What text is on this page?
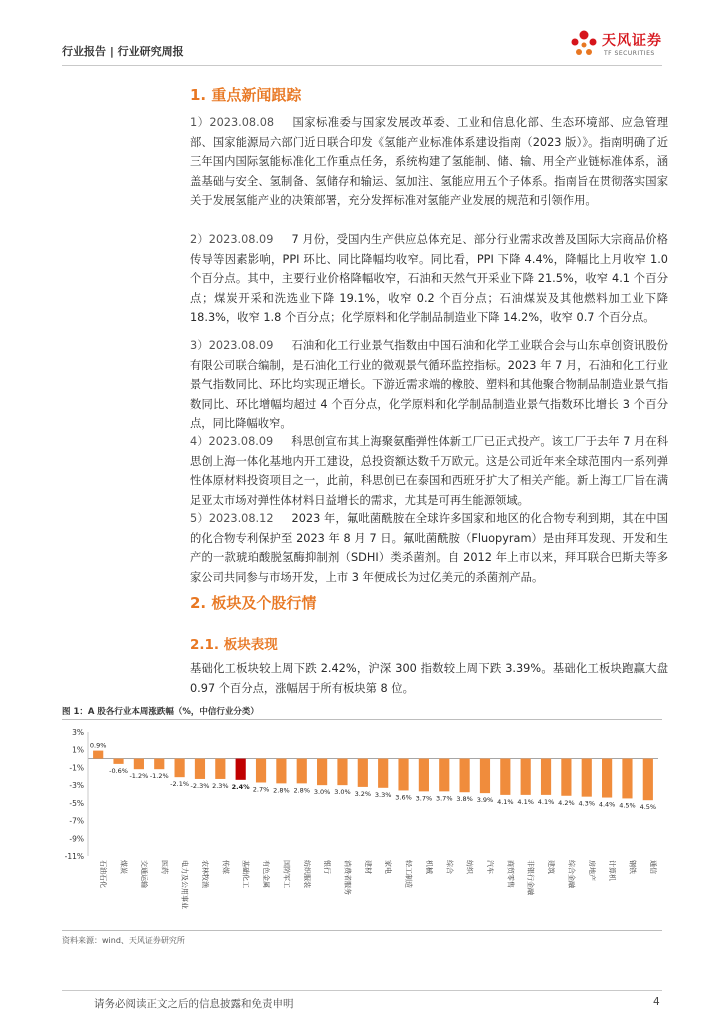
行业报告 | 行业研究周报
天风证券
TF SECURITIES
1. 重点新闻跟踪
1）2023.08.08 国家标准委与国家发展改革委、工业和信息化部、生态环境部、应急管理部、国家能源局六部门近日联合印发《氢能产业标准体系建设指南（2023 版）》。指南明确了近三年国内国际氢能标准化工作重点任务，系统构建了氢能制、储、输、用全产业链标准体系，涵盖基础与安全、氢制备、氢储存和输运、氢加注、氢能应用五个子体系。指南旨在贯彻落实国家关于发展氢能产业的决策部署，充分发挥标准对氢能产业发展的规范和引领作用。
2）2023.08.09 7 月份，受国内生产供应总体充足、部分行业需求改善及国际大宗商品价格传导等因素影响，PPI 环比、同比降幅均收窄。同比看，PPI 下降 4.4%，降幅比上月收窄 1.0 个百分点。其中，主要行业价格降幅收窄，石油和天然气开采业下降 21.5%，收窄 4.1 个百分点；煤炭开采和洗选业下降 19.1%，收窄 0.2 个百分点；石油煤炭及其他燃料加工业下降 18.3%，收窄 1.8 个百分点；化学原料和化学制品制造业下降 14.2%，收窄 0.7 个百分点。
3）2023.08.09 石油和化工行业景气指数由中国石油和化学工业联合会与山东卓创资讯股份有限公司联合编制，是石油化工行业的微观景气循环监控指标。2023 年 7 月，石油和化工行业景气指数同比、环比均实现正增长。下游近需求端的橡胶、塑料和其他聚合物制品制造业景气指数同比、环比增幅均超过 4 个百分点，化学原料和化学制品制造业景气指数环比增长 3 个百分点，同比降幅收窄。
4）2023.08.09 科思创宣布其上海聚氨酯弹性体新工厂已正式投产。该工厂于去年 7 月在科思创上海一体化基地内开工建设，总投资额达数千万欧元。这是公司近年来全球范围内一系列弹性体原材料投资项目之一，此前，科思创已在泰国和西班牙扩大了相关产能。新上海工厂旨在满足亚太市场对弹性体材料日益增长的需求，尤其是可再生能源领域。
5）2023.08.12 2023 年，氟吡菌酰胺在全球许多国家和地区的化合物专利到期，其在中国的化合物专利保护至 2023 年 8 月 7 日。氟吡菌酰胺（Fluopyram）是由拜耳发现、开发和生产的一款琥珀酸脱氢酶抑制剂（SDHI）类杀菌剂。自 2012 年上市以来，拜耳联合巴斯夫等多家公司共同参与市场开发，上市 3 年便成长为过亿美元的杀菌剂产品。
2. 板块及个股行情
2.1. 板块表现
基础化工板块较上周下跌 2.42%，沪深 300 指数较上周下跌 3.39%。基础化工板块跑赢大盘 0.97 个百分点，涨幅居于所有板块第 8 位。
图 1：A 股各行业本周涨跌幅（%，中信行业分类）
3%
1%
-1%
-3%
-5%
-7%
-9%
-11%
0.9%
石油石化
-0.6%
煤炭
-1.2%
交通运输
-1.2%
医药
-2.1%
电力及公用事业
-2.3%
农林牧渔
2.3%
传媒
2.4%
基础化工
2.7%
有色金属
2.8%
国防军工
2.8%
纺织服装
3.0%
银行
3.0%
消费者服务
3.2%
建材
3.3%
家电
3.6%
轻工制造
3.7%
机械
3.7%
综合
3.8%
纺织
3.9%
汽车
4.1%
商贸零售
4.1%
非银行金融
4.1%
建筑
4.2%
综合金融
4.3%
房地产
4.4%
计算机
4.5%
钢铁
4.5%
通信
资料来源：wind、天风证券研究所
请务必阅读正文之后的信息披露和免责申明	4
